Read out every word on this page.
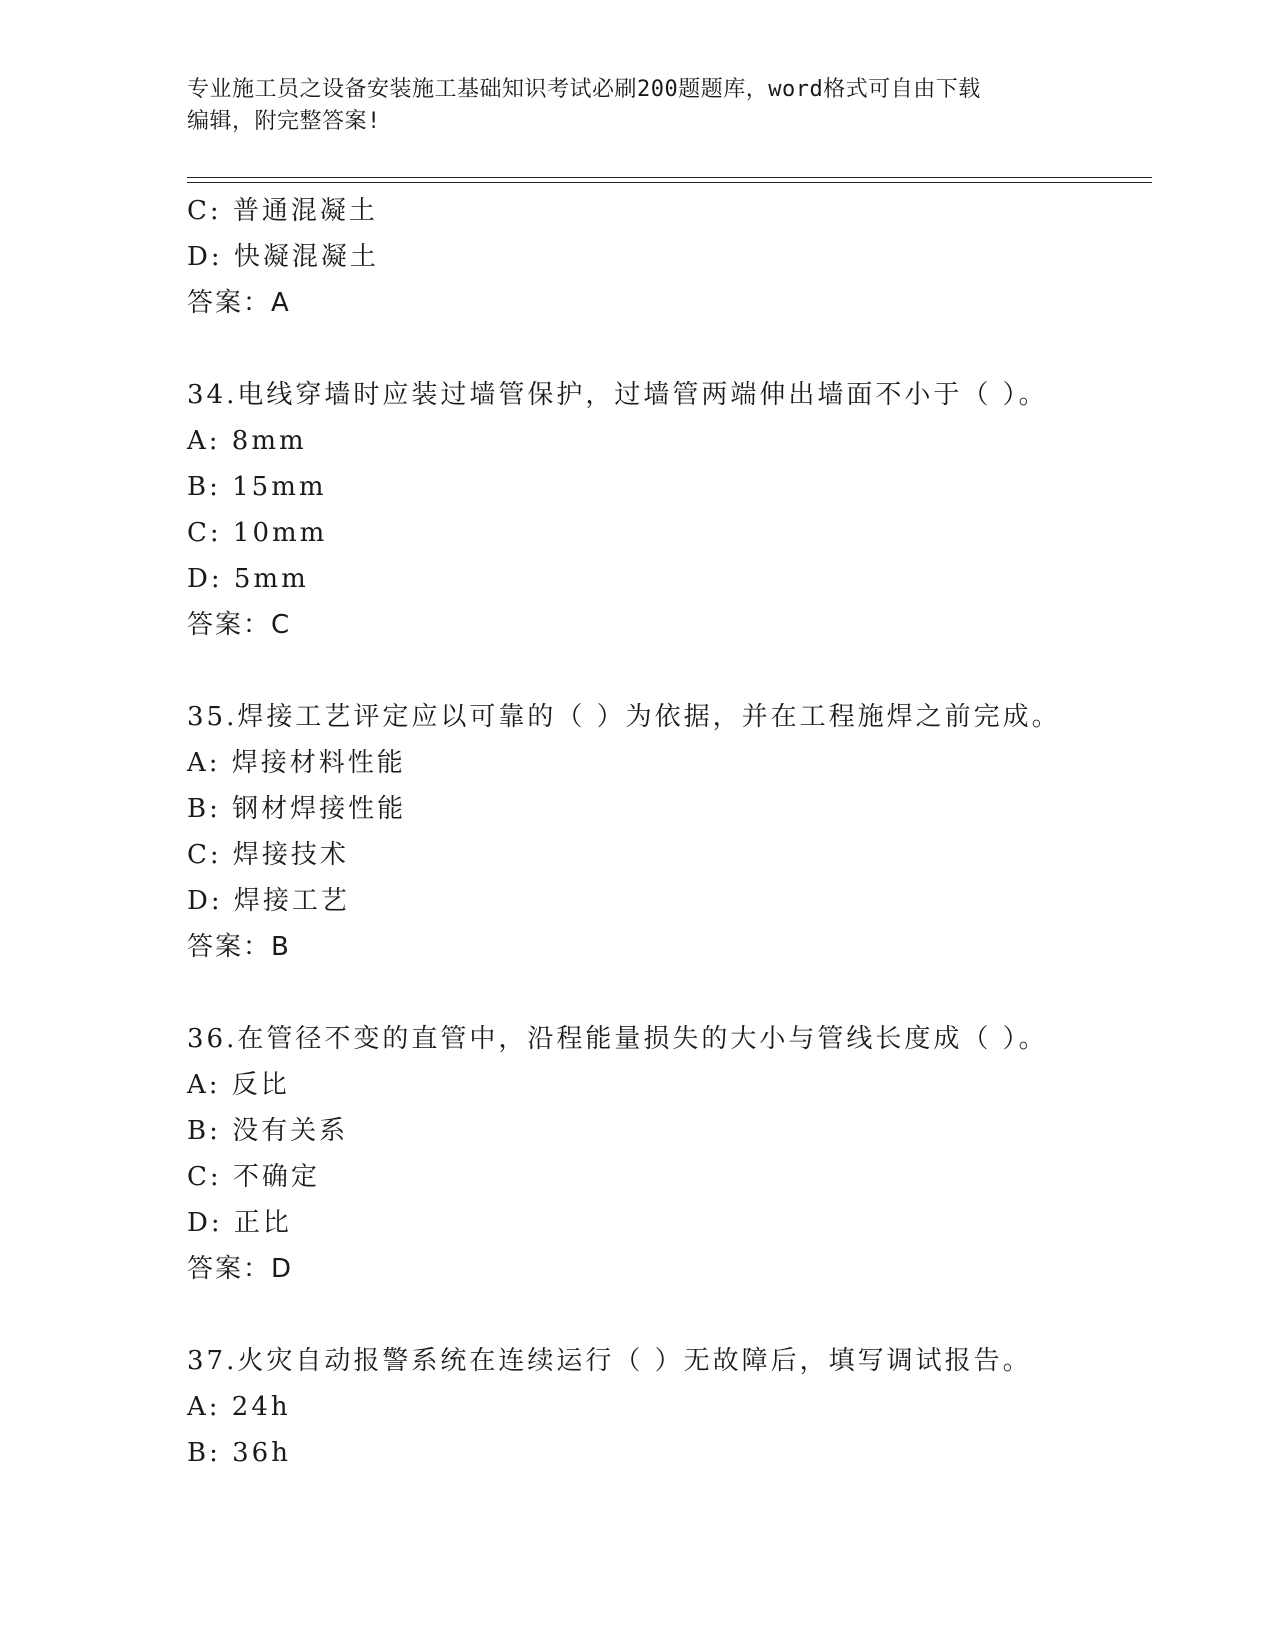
专业施工员之设备安装施工基础知识考试必刷200题题库，word格式可自由下载
编辑，附完整答案!
C: 普通混凝土
D: 快凝混凝土
答案：A
34.电线穿墙时应装过墙管保护，过墙管两端伸出墙面不小于（ ）。
A: 8mm
B: 15mm
C: 10mm
D: 5mm
答案：C
35.焊接工艺评定应以可靠的（ ）为依据，并在工程施焊之前完成。
A: 焊接材料性能
B: 钢材焊接性能
C: 焊接技术
D: 焊接工艺
答案：B
36.在管径不变的直管中，沿程能量损失的大小与管线长度成（ ）。
A: 反比
B: 没有关系
C: 不确定
D: 正比
答案：D
37.火灾自动报警系统在连续运行（ ）无故障后，填写调试报告。
A: 24h
B: 36h
